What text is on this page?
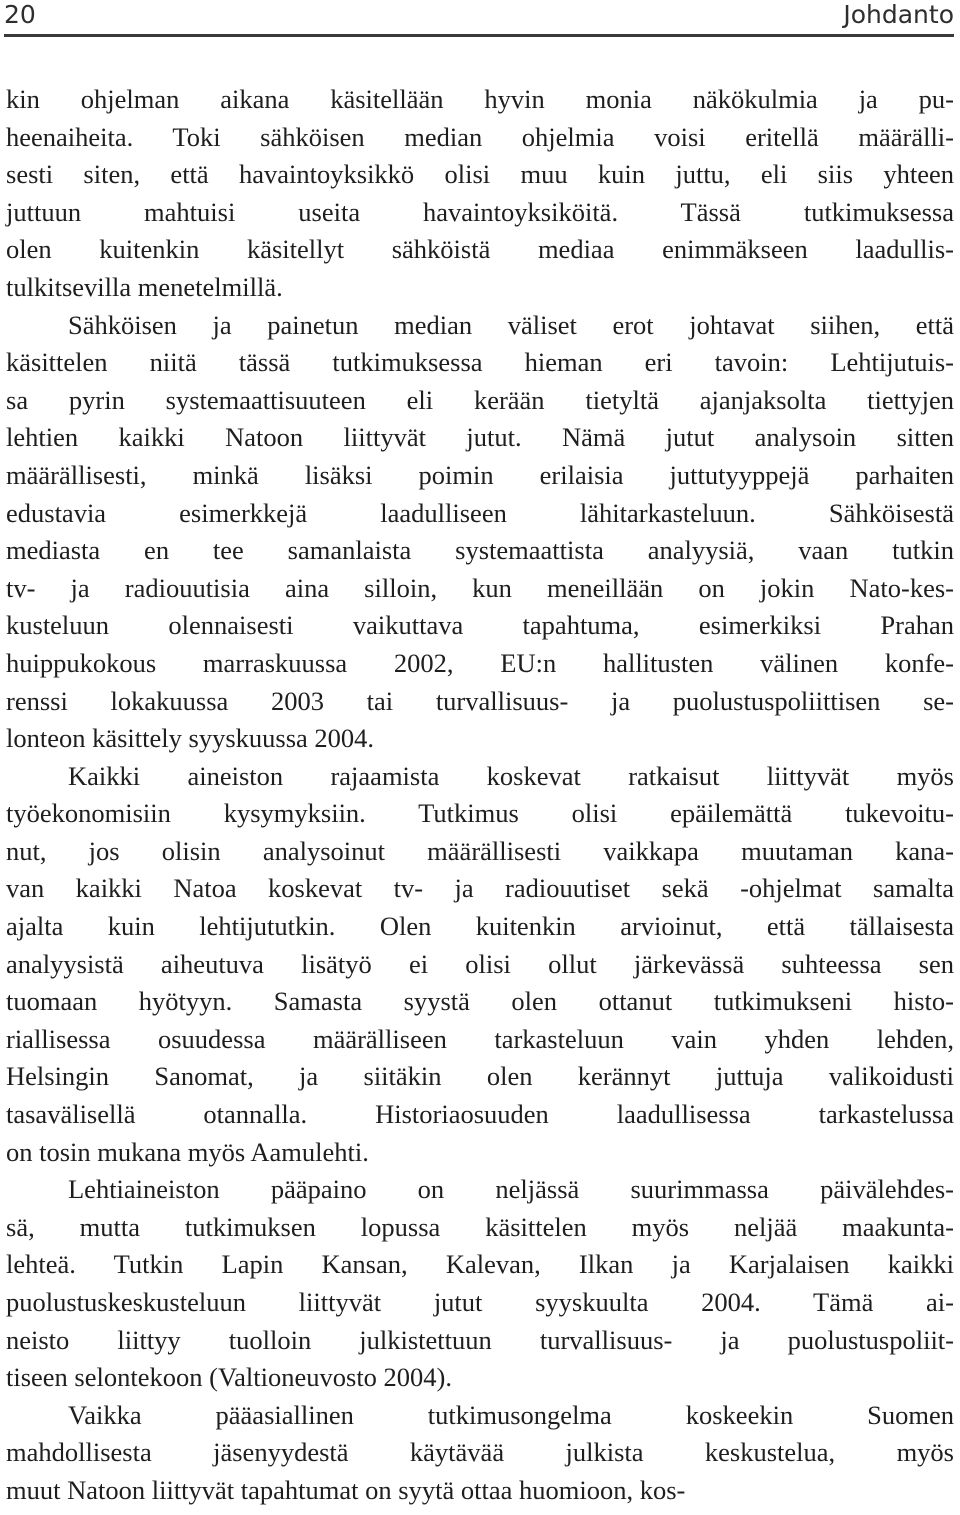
20	Johdanto

kin ohjelman aikana käsitellään hyvin monia näkökulmia ja pu-
heenaiheita. Toki sähköisen median ohjelmia voisi eritellä määrälli-
sesti siten, että havaintoyksikkö olisi muu kuin juttu, eli siis yhteen
juttuun mahtuisi useita havaintoyksiköitä. Tässä tutkimuksessa
olen kuitenkin käsitellyt sähköistä mediaa enimmäkseen laadullis-
tulkitsevilla menetelmillä.

Sähköisen ja painetun median väliset erot johtavat siihen, että
käsittelen niitä tässä tutkimuksessa hieman eri tavoin: Lehtijutuis-
sa pyrin systemaattisuuteen eli kerään tietyltä ajanjaksolta tiettyjen
lehtien kaikki Natoon liittyvät jutut. Nämä jutut analysoin sitten
määrällisesti, minkä lisäksi poimin erilaisia juttutyyppejä parhaiten
edustavia esimerkkejä laadulliseen lähitarkasteluun. Sähköisestä
mediasta en tee samanlaista systemaattista analyysiä, vaan tutkin
tv- ja radiouutisia aina silloin, kun meneillään on jokin Nato-kes-
kusteluun olennaisesti vaikuttava tapahtuma, esimerkiksi Prahan
huippukokous marraskuussa 2002, EU:n hallitusten välinen konfe-
renssi lokakuussa 2003 tai turvallisuus- ja puolustuspoliittisen se-
lonteon käsittely syyskuussa 2004.

Kaikki aineiston rajaamista koskevat ratkaisut liittyvät myös
työekonomisiin kysymyksiin. Tutkimus olisi epäilemättä tukevoitu-
nut, jos olisin analysoinut määrällisesti vaikkapa muutaman kana-
van kaikki Natoa koskevat tv- ja radiouutiset sekä -ohjelmat samalta
ajalta kuin lehtijututkin. Olen kuitenkin arvioinut, että tällaisesta
analyysistä aiheutuva lisätyö ei olisi ollut järkevässä suhteessa sen
tuomaan hyötyyn. Samasta syystä olen ottanut tutkimukseni histo-
riallisessa osuudessa määrälliseen tarkasteluun vain yhden lehden,
Helsingin Sanomat, ja siitäkin olen kerännyt juttuja valikoidusti
tasavälisellä otannalla. Historiaosuuden laadullisessa tarkastelussa
on tosin mukana myös Aamulehti.

Lehtiaineiston pääpaino on neljässä suurimmassa päivälehdes-
sä, mutta tutkimuksen lopussa käsittelen myös neljää maakunta-
lehteä. Tutkin Lapin Kansan, Kalevan, Ilkan ja Karjalaisen kaikki
puolustuskeskusteluun liittyvät jutut syyskuulta 2004. Tämä ai-
neisto liittyy tuolloin julkistettuun turvallisuus- ja puolustuspoliit-
tiseen selontekoon (Valtioneuvosto 2004).

Vaikka pääasiallinen tutkimusongelma koskeekin Suomen
mahdollisesta jäsenyydestä käytävää julkista keskustelua, myös
muut Natoon liittyvät tapahtumat on syytä ottaa huomioon, kos-
